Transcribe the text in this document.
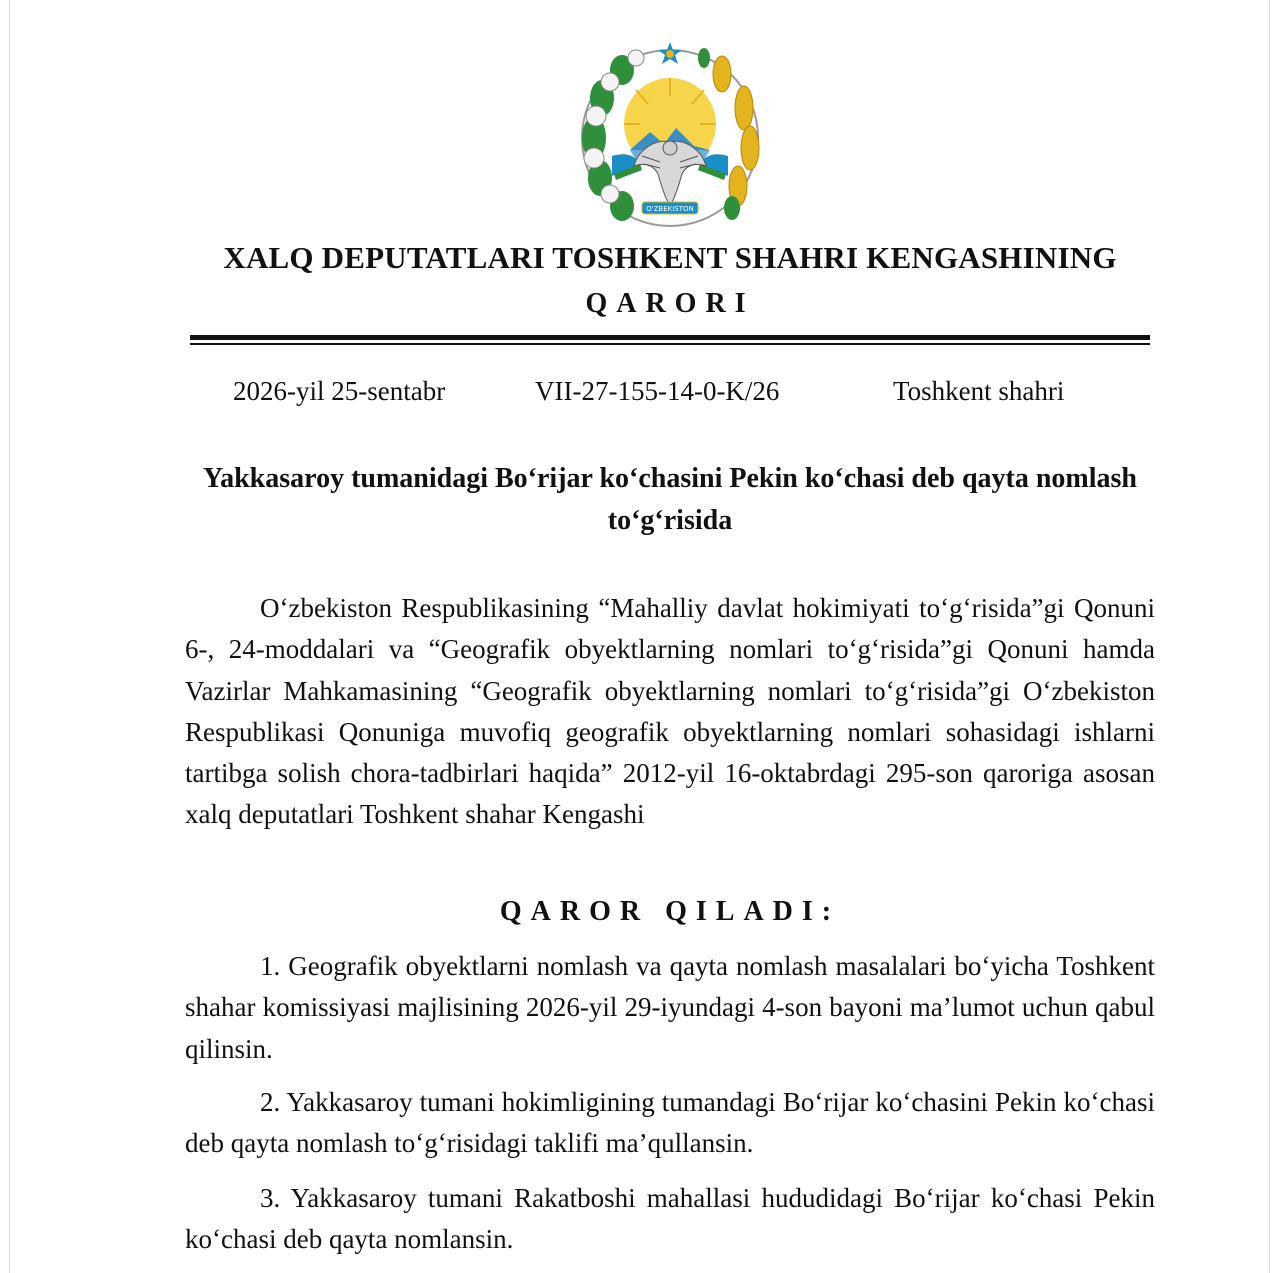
O'ZBEKISTON
XALQ DEPUTATLARI TOSHKENT SHAHRI KENGASHINING
QARORI
2026-yil 25-sentabr	VII-27-155-14-0-K/26	Toshkent shahri
Yakkasaroy tumanidagi Bo‘rijar ko‘chasini Pekin ko‘chasi deb qayta nomlash to‘g‘risida

O‘zbekiston Respublikasining “Mahalliy davlat hokimiyati to‘g‘risida”gi Qonuni 6-, 24-moddalari va “Geografik obyektlarning nomlari to‘g‘risida”gi Qonuni hamda Vazirlar Mahkamasining “Geografik obyektlarning nomlari to‘g‘risida”gi O‘zbekiston Respublikasi Qonuniga muvofiq geografik obyektlarning nomlari sohasidagi ishlarni tartibga solish chora-tadbirlari haqida” 2012-yil 16-oktabrdagi 295-son qaroriga asosan xalq deputatlari Toshkent shahar Kengashi

QAROR QILADI:

1. Geografik obyektlarni nomlash va qayta nomlash masalalari bo‘yicha Toshkent shahar komissiyasi majlisining 2026-yil 29-iyundagi 4-son bayoni ma’lumot uchun qabul qilinsin.

2. Yakkasaroy tumani hokimligining tumandagi Bo‘rijar ko‘chasini Pekin ko‘chasi deb qayta nomlash to‘g‘risidagi taklifi ma’qullansin.

3. Yakkasaroy tumani Rakatboshi mahallasi hududidagi Bo‘rijar ko‘chasi Pekin ko‘chasi deb qayta nomlansin.
